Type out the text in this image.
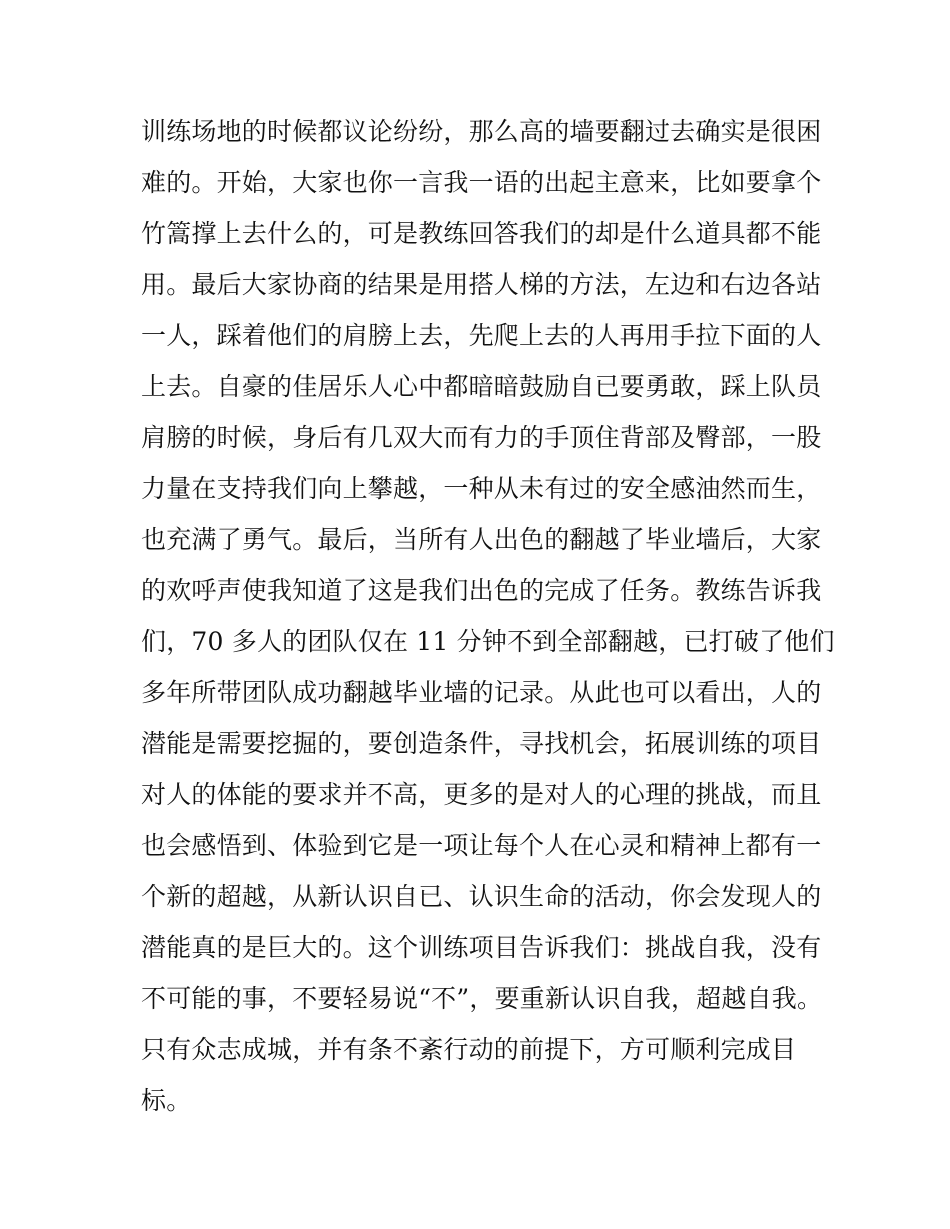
训练场地的时候都议论纷纷，那么高的墙要翻过去确实是很困
难的。开始，大家也你一言我一语的出起主意来，比如要拿个
竹篙撑上去什么的，可是教练回答我们的却是什么道具都不能
用。最后大家协商的结果是用搭人梯的方法，左边和右边各站
一人，踩着他们的肩膀上去，先爬上去的人再用手拉下面的人
上去。自豪的佳居乐人心中都暗暗鼓励自已要勇敢，踩上队员
肩膀的时候，身后有几双大而有力的手顶住背部及臀部，一股
力量在支持我们向上攀越，一种从未有过的安全感油然而生，
也充满了勇气。最后，当所有人出色的翻越了毕业墙后，大家
的欢呼声使我知道了这是我们出色的完成了任务。教练告诉我
们，70 多人的团队仅在 11 分钟不到全部翻越，已打破了他们
多年所带团队成功翻越毕业墙的记录。从此也可以看出，人的
潜能是需要挖掘的，要创造条件，寻找机会，拓展训练的项目
对人的体能的要求并不高，更多的是对人的心理的挑战，而且
也会感悟到、体验到它是一项让每个人在心灵和精神上都有一
个新的超越，从新认识自已、认识生命的活动，你会发现人的
潜能真的是巨大的。这个训练项目告诉我们：挑战自我，没有
不可能的事，不要轻易说“不”，要重新认识自我，超越自我。
只有众志成城，并有条不紊行动的前提下，方可顺利完成目
标。
